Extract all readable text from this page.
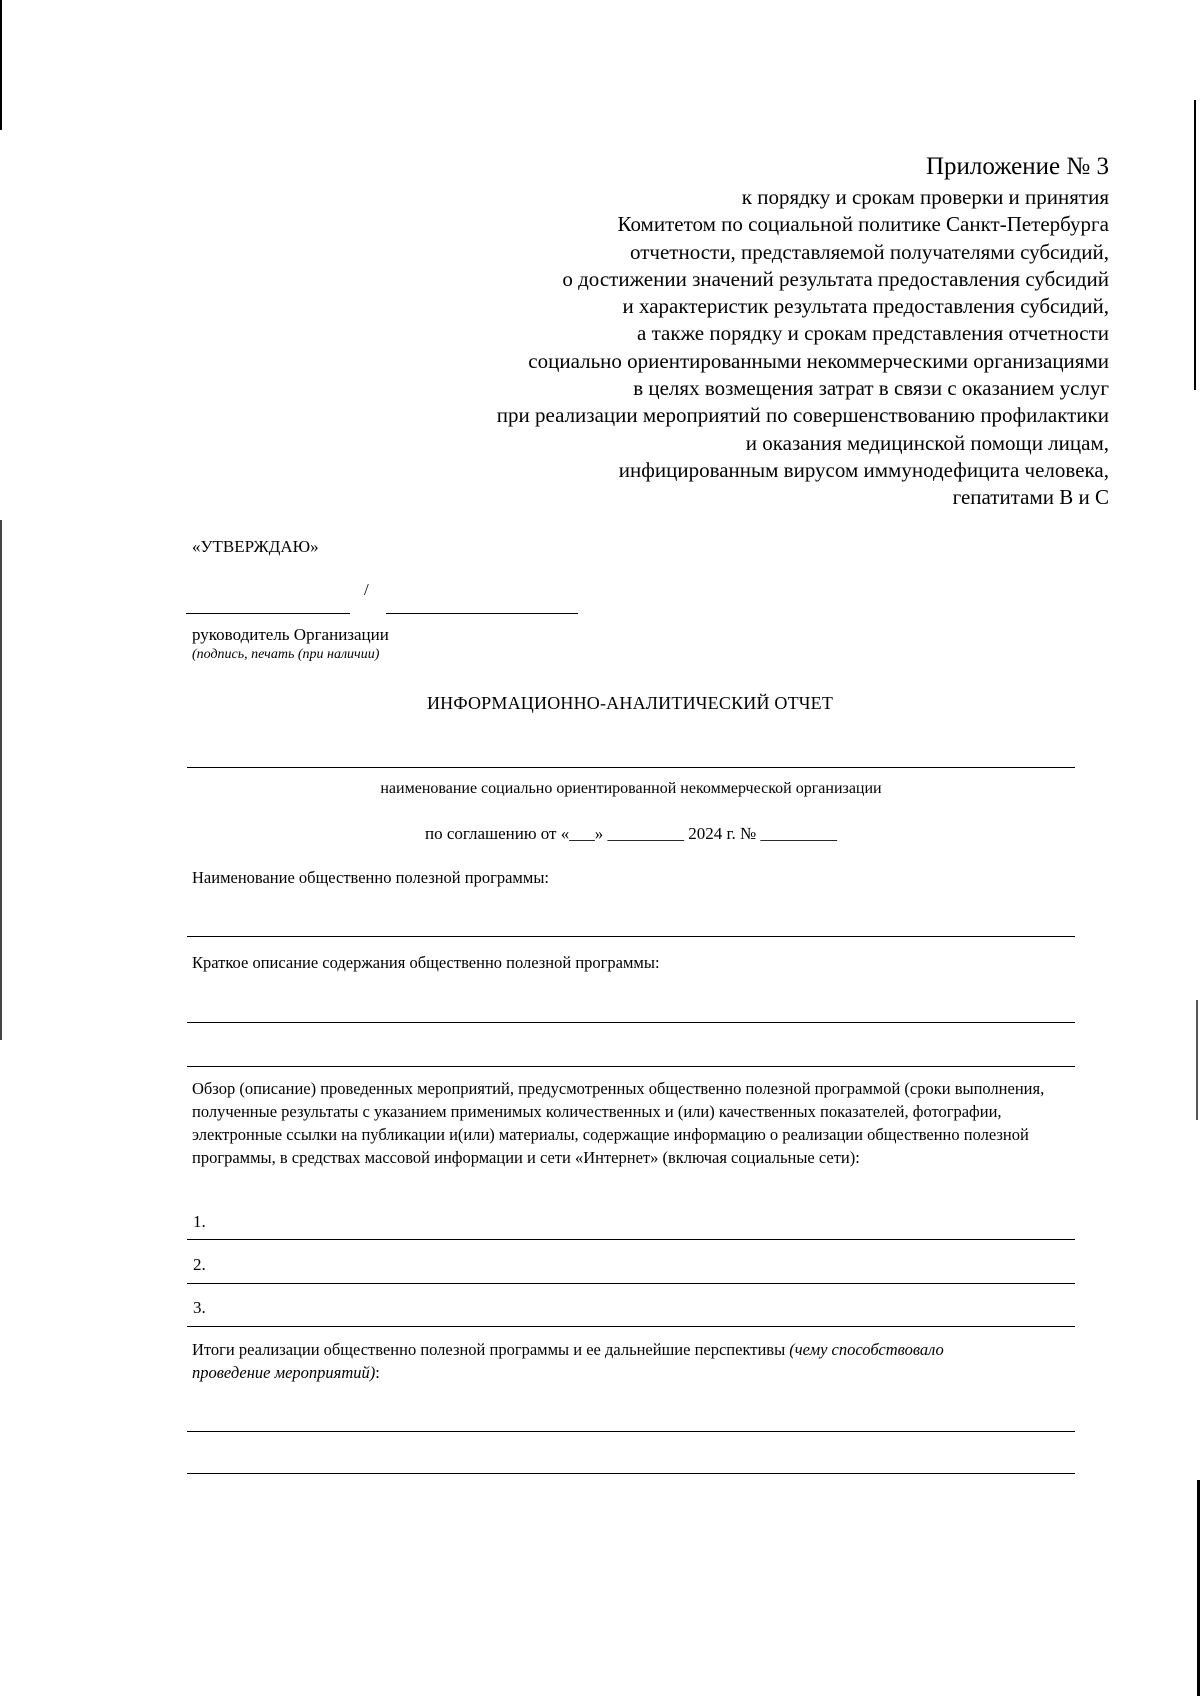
Приложение № 3
к порядку и срокам проверки и принятия
Комитетом по социальной политике Санкт-Петербурга
отчетности, представляемой получателями субсидий,
о достижении значений результата предоставления субсидий
и характеристик результата предоставления субсидий,
а также порядку и срокам представления отчетности
социально ориентированными некоммерческими организациями
в целях возмещения затрат в связи с оказанием услуг
при реализации мероприятий по совершенствованию профилактики
и оказания медицинской помощи лицам,
инфицированным вирусом иммунодефицита человека,
гепатитами В и С
«УТВЕРЖДАЮ»
/
руководитель Организации
(подпись, печать (при наличии)
ИНФОРМАЦИОННО-АНАЛИТИЧЕСКИЙ ОТЧЕТ
наименование социально ориентированной некоммерческой организации
по соглашению от «___» _________ 2024 г. № _________
Наименование общественно полезной программы:
Краткое описание содержания общественно полезной программы:
Обзор (описание) проведенных мероприятий, предусмотренных общественно полезной программой (сроки выполнения, полученные результаты с указанием применимых количественных и (или) качественных показателей, фотографии, электронные ссылки на публикации и(или) материалы, содержащие информацию о реализации общественно полезной программы, в средствах массовой информации и сети «Интернет» (включая социальные сети):
1.
2.
3.
Итоги реализации общественно полезной программы и ее дальнейшие перспективы (чему способствовало проведение мероприятий):
